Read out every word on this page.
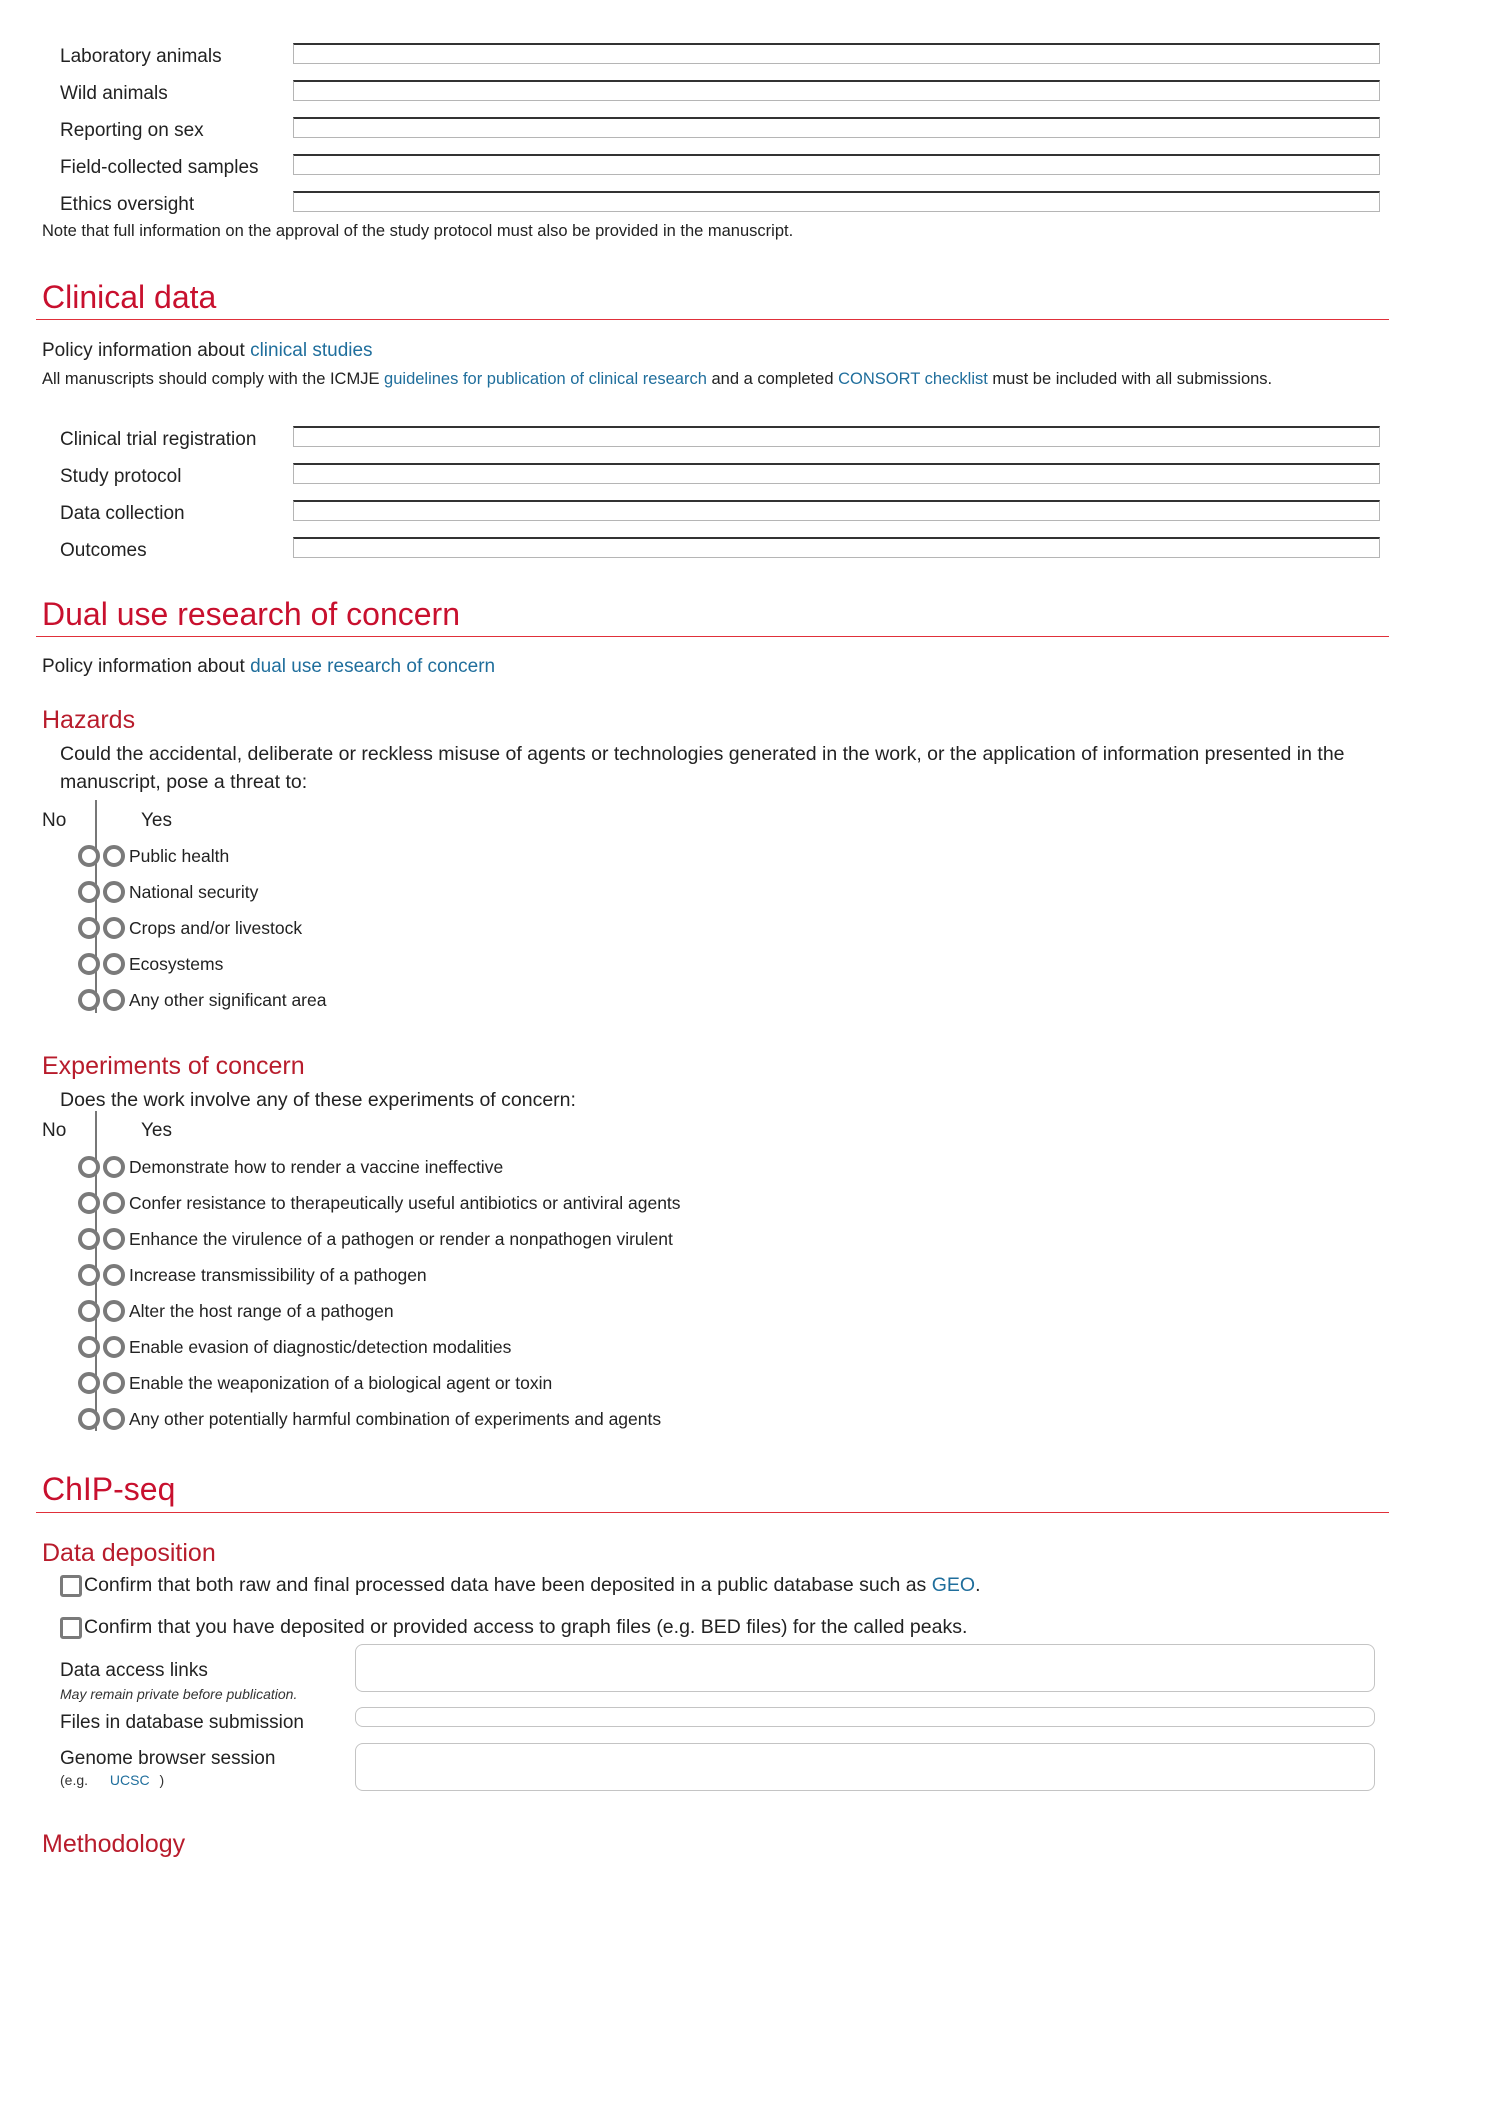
Laboratory animals
Wild animals
Reporting on sex
Field-collected samples
Ethics oversight
Note that full information on the approval of the study protocol must also be provided in the manuscript.
Clinical data
Policy information about clinical studies
All manuscripts should comply with the ICMJE guidelines for publication of clinical research and a completed CONSORT checklist must be included with all submissions.
Clinical trial registration
Study protocol
Data collection
Outcomes
Dual use research of concern
Policy information about dual use research of concern
Hazards
Could the accidental, deliberate or reckless misuse of agents or technologies generated in the work, or the application of information presented in the manuscript, pose a threat to:
No	Yes
Public health
National security
Crops and/or livestock
Ecosystems
Any other significant area
Experiments of concern
Does the work involve any of these experiments of concern:
No	Yes
Demonstrate how to render a vaccine ineffective
Confer resistance to therapeutically useful antibiotics or antiviral agents
Enhance the virulence of a pathogen or render a nonpathogen virulent
Increase transmissibility of a pathogen
Alter the host range of a pathogen
Enable evasion of diagnostic/detection modalities
Enable the weaponization of a biological agent or toxin
Any other potentially harmful combination of experiments and agents
ChIP-seq
Data deposition
Confirm that both raw and final processed data have been deposited in a public database such as GEO.
Confirm that you have deposited or provided access to graph files (e.g. BED files) for the called peaks.
Data access links
May remain private before publication.
Files in database submission
Genome browser session
(e.g. UCSC )
Methodology
